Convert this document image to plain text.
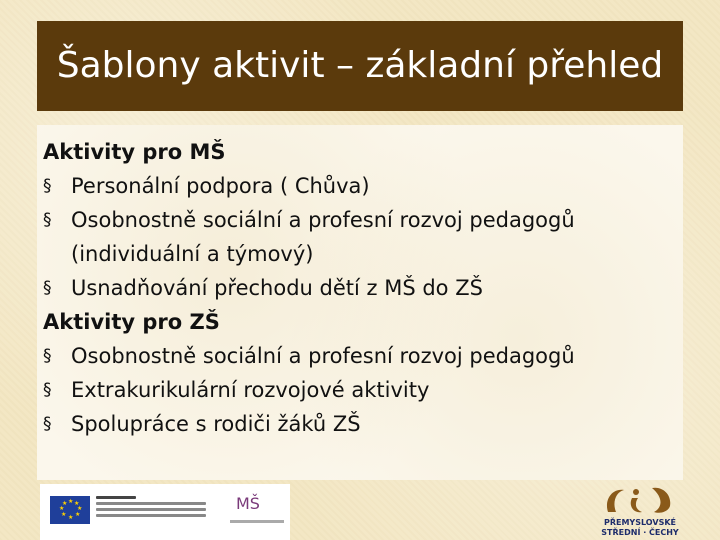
Šablony aktivit – základní přehled
Aktivity pro MŠ
§ Personální podpora ( Chůva)
§ Osobnostně sociální a profesní rozvoj pedagogů
(individuální a týmový)
§ Usnadňování přechodu dětí z MŠ do ZŠ
Aktivity pro ZŠ
§ Osobnostně sociální a profesní rozvoj pedagogů
§ Extrakurikulární rozvojové aktivity
§ Spolupráce s rodiči žáků ZŠ
★ ★
★
★
★
★
★
★	MŠ
PŘEMYSLOVSKÉ
STŘEDNÍ · ČECHY
